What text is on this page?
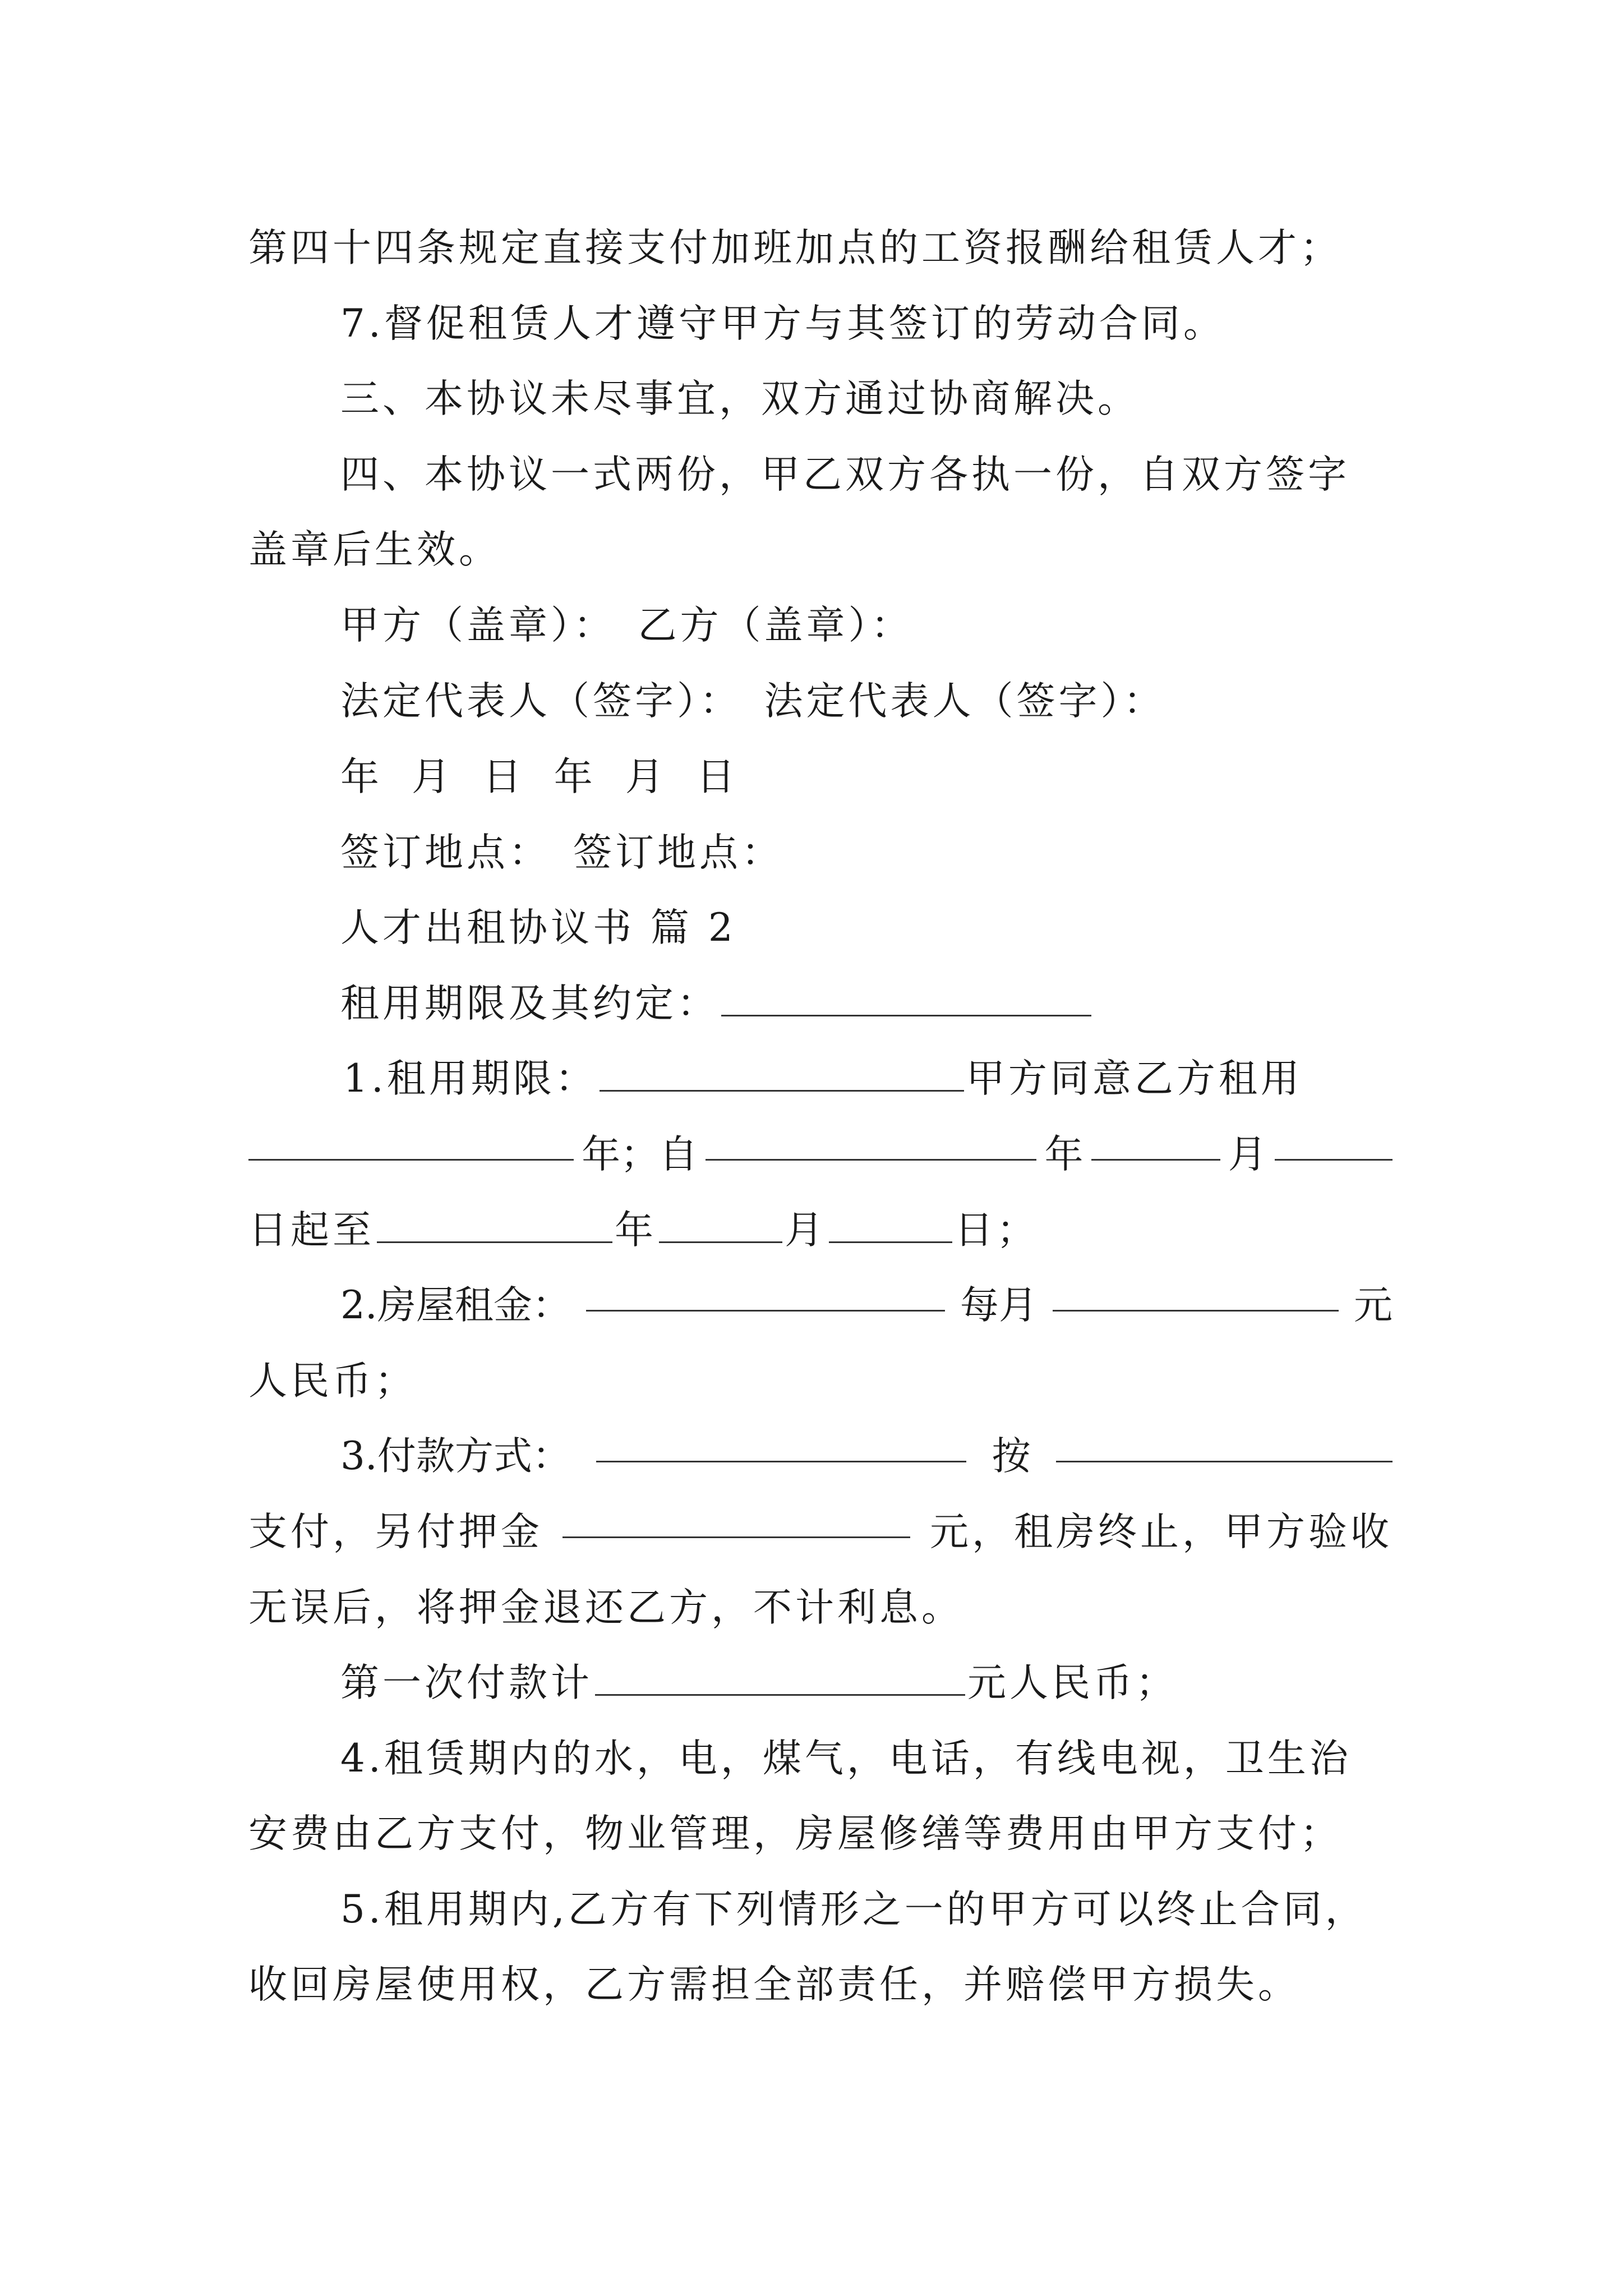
第四十四条规定直接支付加班加点的工资报酬给租赁人才；
7.督促租赁人才遵守甲方与其签订的劳动合同。
三、本协议未尽事宜，双方通过协商解决。
四、本协议一式两份，甲乙双方各执一份，自双方签字
盖章后生效。
甲方（盖章）： 乙方（盖章）：
法定代表人（签字）： 法定代表人（签字）：
年 月 日 年 月 日
签订地点： 签订地点：
人才出租协议书 篇 2
租用期限及其约定：
1.租用期限：	甲方同意乙方租用
年；自	年	月
日起至	年	月	日；
2.房屋租金：	每月	元
人民币；
3.付款方式：	按
支付，另付押金	元，租房终止，甲方验收
无误后，将押金退还乙方，不计利息。
第一次付款计	元人民币；
4.租赁期内的水，电，煤气，电话，有线电视，卫生治
安费由乙方支付，物业管理，房屋修缮等费用由甲方支付；
5.租用期内,乙方有下列情形之一的甲方可以终止合同，
收回房屋使用权，乙方需担全部责任，并赔偿甲方损失。
